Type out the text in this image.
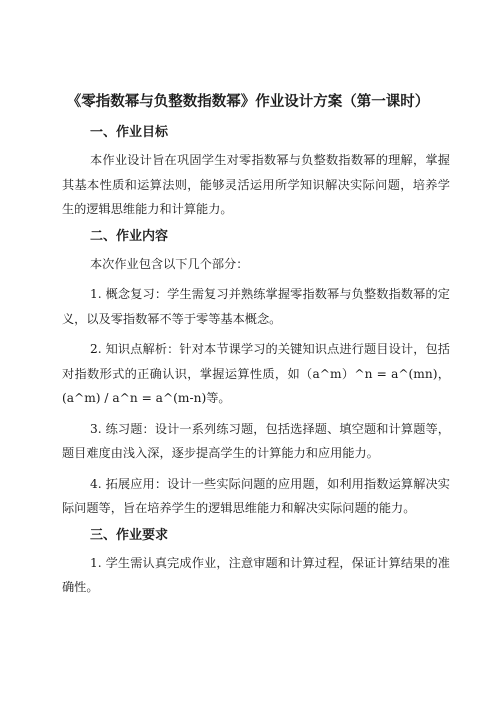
《零指数幂与负整数指数幂》作业设计方案（第一课时）
一、作业目标

本作业设计旨在巩固学生对零指数幂与负整数指数幂的理解，掌握其基本性质和运算法则，能够灵活运用所学知识解决实际问题，培养学生的逻辑思维能力和计算能力。

二、作业内容

本次作业包含以下几个部分：

1. 概念复习：学生需复习并熟练掌握零指数幂与负整数指数幂的定义，以及零指数幂不等于零等基本概念。

2. 知识点解析：针对本节课学习的关键知识点进行题目设计，包括对指数形式的正确认识，掌握运算性质，如（a^m）^n = a^(mn)，(a^m) / a^n = a^(m-n)等。

3. 练习题：设计一系列练习题，包括选择题、填空题和计算题等，题目难度由浅入深，逐步提高学生的计算能力和应用能力。

4. 拓展应用：设计一些实际问题的应用题，如利用指数运算解决实际问题等，旨在培养学生的逻辑思维能力和解决实际问题的能力。

三、作业要求

1. 学生需认真完成作业，注意审题和计算过程，保证计算结果的准确性。
